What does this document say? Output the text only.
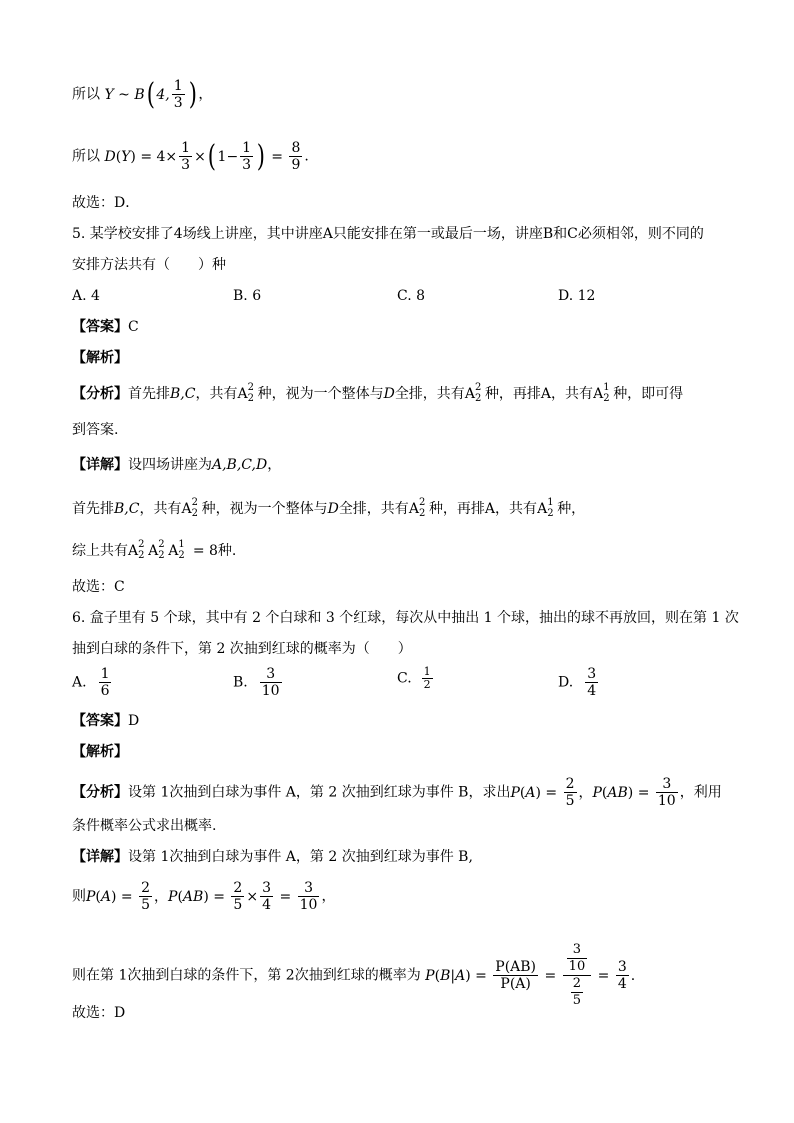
所以 Y ~ B( 4, $\frac{1}{3}$ ) ，
所以 $D(Y) = 4\times \frac{1}{3}$ ×( $1- \frac{1}{3}$ ) = $\frac{8}{9}$ .
故选：D．
5. 某学校安排了4场线上讲座，其中讲座A只能安排在第一或最后一场，讲座B和C必须相邻，则不同的
安排方法共有（　　）种
A. 4	B. 6	C. 8	D. 12
【答案】C
【解析】
【分析】首先排B,C，共有A 2
2 种，视为一个整体与D全排，共有A 2
2 种，再排A，共有A 1
2 种，即可得
到答案.
【详解】设四场讲座为A,B,C,D，
首先排B,C，共有A 2
2 种，视为一个整体与D全排，共有A 2
2 种，再排A，共有A 1
2 种，
综上共有A 2
2 A 2
2 A 1
2 = 8种.
故选：C
6. 盒子里有 5 个球，其中有 2 个白球和 3 个红球，每次从中抽出 1 个球，抽出的球不再放回，则在第 1 次
抽到白球的条件下，第 2 次抽到红球的概率为（　　）
A. $\frac{1}{6}$	B. $\frac{3}{10}$	C. $\frac{1}{2}$	D. $\frac{3}{4}$
【答案】D
【解析】
【分析】设第 1次抽到白球为事件 A，第 2 次抽到红球为事件 B，求出$P(A) = \frac{2}{5}$ ，$P(AB) = \frac{3}{10}$ ，利用
条件概率公式求出概率.
【详解】设第 1次抽到白球为事件 A，第 2 次抽到红球为事件 B,
则$P(A) = \frac{2}{5}$ ，$P(AB) = \frac{2}{5} \times \frac{3}{4} = \frac{3}{10}$ ，
则在第 1次抽到白球的条件下，第 2次抽到红球的概率为 $P(B|A) = \frac{P(AB)}{P(A)} = \frac{\frac{3}{10}}{\frac{2}{5}} = \frac{3}{4}$ .
故选：D
